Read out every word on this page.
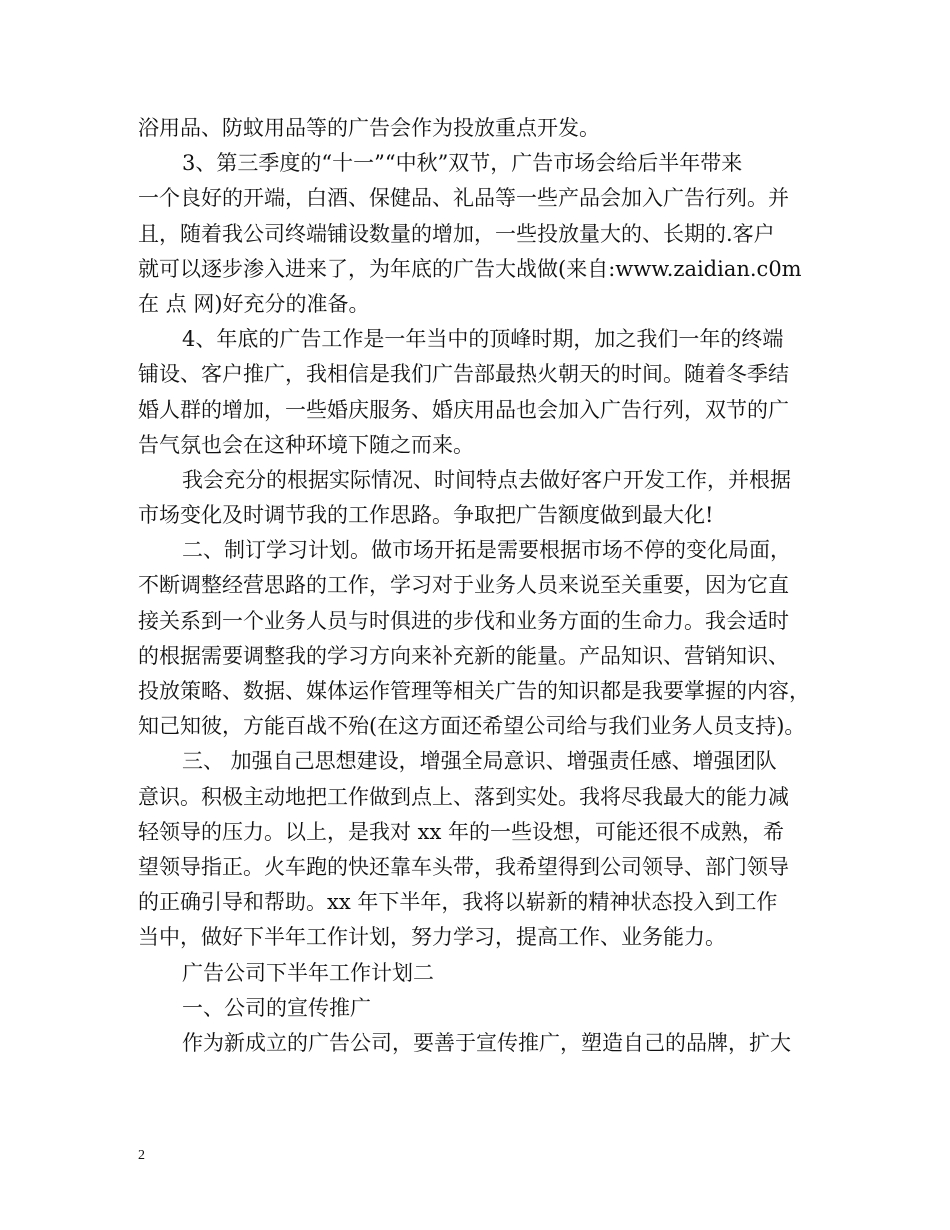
浴用品、防蚊用品等的广告会作为投放重点开发。
3、第三季度的“十一”“中秋”双节，广告市场会给后半年带来
一个良好的开端，白酒、保健品、礼品等一些产品会加入广告行列。并
且，随着我公司终端铺设数量的增加，一些投放量大的、长期的.客户
就可以逐步渗入进来了，为年底的广告大战做(来自:www.zaidian.c0m
在 点 网)好充分的准备。
4、年底的广告工作是一年当中的顶峰时期，加之我们一年的终端
铺设、客户推广，我相信是我们广告部最热火朝天的时间。随着冬季结
婚人群的增加，一些婚庆服务、婚庆用品也会加入广告行列，双节的广
告气氛也会在这种环境下随之而来。
我会充分的根据实际情况、时间特点去做好客户开发工作，并根据
市场变化及时调节我的工作思路。争取把广告额度做到最大化!
二、制订学习计划。做市场开拓是需要根据市场不停的变化局面，
不断调整经营思路的工作，学习对于业务人员来说至关重要，因为它直
接关系到一个业务人员与时俱进的步伐和业务方面的生命力。我会适时
的根据需要调整我的学习方向来补充新的能量。产品知识、营销知识、
投放策略、数据、媒体运作管理等相关广告的知识都是我要掌握的内容，
知己知彼，方能百战不殆(在这方面还希望公司给与我们业务人员支持)。
三、 加强自己思想建设，增强全局意识、增强责任感、增强团队
意识。积极主动地把工作做到点上、落到实处。我将尽我最大的能力减
轻领导的压力。以上，是我对 xx 年的一些设想，可能还很不成熟，希
望领导指正。火车跑的快还靠车头带，我希望得到公司领导、部门领导
的正确引导和帮助。xx 年下半年，我将以崭新的精神状态投入到工作
当中，做好下半年工作计划，努力学习，提高工作、业务能力。
广告公司下半年工作计划二
一、公司的宣传推广
作为新成立的广告公司，要善于宣传推广，塑造自己的品牌，扩大
2
